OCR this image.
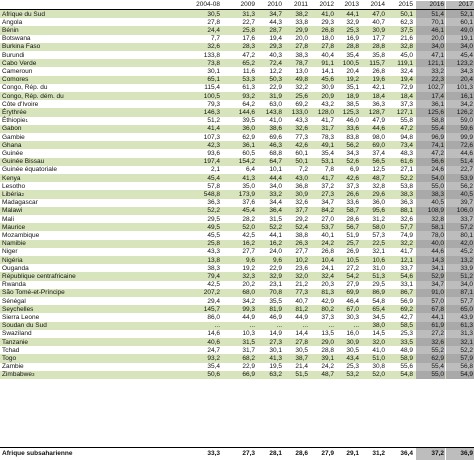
2004-08	2009	2010	2011	2012	2013	2014	2015	2016	2017
Afrique du Sud	30,5	31,3	34,7	38,2	41,0	44,1	47,0	50,1	51,4	52,1
Angola	27,8	22,7	44,3	33,8	29,3	32,9	40,7	62,3	70,1	60,1
Bénin	24,4	25,8	28,7	29,9	26,8	25,3	30,9	37,5	46,1	49,0
Botswana	7,7	17,6	19,4	20,0	18,0	16,9	17,7	21,6	20,0	19,1
Burkina Faso	32,6	28,3	29,3	27,8	27,8	28,8	28,8	32,8	34,0	34,0
Burundi	133,8	47,2	40,3	38,3	40,4	35,4	35,8	45,0	47,1	45,4
Cabo Verde	73,8	65,2	72,4	78,7	91,1	100,5	115,7	119,1	121,1	123,2
Cameroun	30,1	11,6	12,2	13,0	14,1	20,4	26,8	32,4	33,2	34,3
Comores	65,1	53,3	50,3	49,8	45,6	19,2	19,6	19,4	22,3	20,4
Congo, Rép. du	115,4	61,3	22,9	32,2	30,9	35,1	42,1	72,9	102,7	101,3
Congo, Rép. dém. du	100,5	93,2	31,9	25,6	20,9	18,9	18,4	18,4	17,4	16,1
Côte d'Ivoire	79,3	64,2	63,0	69,2	43,2	38,5	36,3	37,3	36,1	34,2
Érythrée	146,3	144,6	143,8	133,0	128,0	125,3	128,7	127,1	125,6	126,2
Éthiopie 1	51,2	39,5	41,0	43,3	41,7	46,0	47,9	55,8	58,8	59,0
Gabon	41,4	36,0	38,6	32,6	31,7	33,6	44,6	47,2	55,4	59,6
Gambie	107,3	62,9	69,6	77,3	78,3	83,8	98,0	94,8	96,9	99,9
Ghana	42,3	36,1	46,3	42,6	49,1	56,2	69,0	73,4	74,1	72,6
Guinée	93,6	60,5	68,8	60,1	35,4	34,3	37,4	48,3	47,2	44,6
Guinée Bissau	197,4	154,2	64,7	50,1	53,1	52,6	56,5	61,6	56,6	51,4
Guinée équatoriale	2,1	6,4	10,1	7,2	7,8	6,9	12,5	27,1	24,6	22,7
Kenya	45,4	41,3	44,4	43,0	41,7	42,6	48,7	52,2	54,0	53,9
Lesotho	57,8	35,0	34,0	36,8	37,2	37,3	32,8	53,8	55,0	56,2
Libéria 2	548,8	173,9	33,2	30,9	27,3	26,6	29,6	38,3	38,3	40,5
Madagascar	36,3	37,6	34,4	32,6	34,7	33,6	36,0	36,3	40,5	39,7
Malawi	52,2	45,4	36,4	37,7	84,2	58,7	95,6	88,1	108,9	106,0
Mali	29,5	28,2	31,5	29,2	27,0	28,6	31,2	32,6	32,8	33,7
Maurice	49,5	52,0	52,2	52,4	53,7	56,7	58,0	57,7	58,1	57,2
Mozambique	45,5	42,5	44,1	38,8	40,1	51,9	57,3	74,9	78,0	80,1
Namibie	25,8	16,2	16,2	26,3	24,2	25,7	22,5	32,2	40,0	42,0
Niger	43,3	27,7	24,0	27,7	26,8	26,9	32,1	41,7	44,6	45,2
Nigéria	13,8	9,6	9,6	10,2	10,4	10,5	10,6	12,1	14,3	13,2
Ouganda	38,3	19,2	22,9	23,6	24,1	27,2	31,0	33,7	34,1	33,9
République centrafricaine	79,4	32,3	32,9	32,0	32,4	54,2	51,3	54,6	52,9	51,2
Rwanda	42,5	20,2	23,1	21,2	20,3	27,9	29,5	33,1	34,7	34,0
São Tomé-et-Príncipe	207,2	68,0	70,8	77,3	81,3	69,9	86,9	86,7	91,0	87,1
Sénégal	29,4	34,2	35,5	40,7	42,9	46,4	54,8	56,9	57,0	57,7
Seychelles	145,7	99,3	81,9	81,2	80,2	67,0	65,4	69,2	67,8	65,0
Sierra Leone	86,0	44,9	46,9	44,9	37,3	30,3	34,5	42,7	44,1	43,9
Soudan du Sud	...	...	...	...	...	...	38,0	58,5	61,9	61,3
Swaziland	14,6	10,3	14,9	14,4	13,5	16,0	14,5	25,3	27,2	31,3
Tanzanie	40,6	31,5	27,3	27,8	29,0	30,9	32,0	33,5	32,6	32,1
Tchad	24,7	31,7	30,1	30,5	28,8	30,5	41,0	48,9	55,2	52,2
Togo	93,2	68,2	41,3	38,7	39,1	43,4	51,0	58,9	62,9	57,9
Zambie	35,4	22,9	19,5	21,4	24,2	25,3	30,8	55,6	55,4	56,8
Zimbabwe 3	50,6	66,9	63,2	51,5	48,7	53,2	52,0	54,8	55,0	54,9
Afrique subsaharienne	33,3	27,3	28,1	28,6	27,9	29,1	31,2	36,4	37,2	36,9
